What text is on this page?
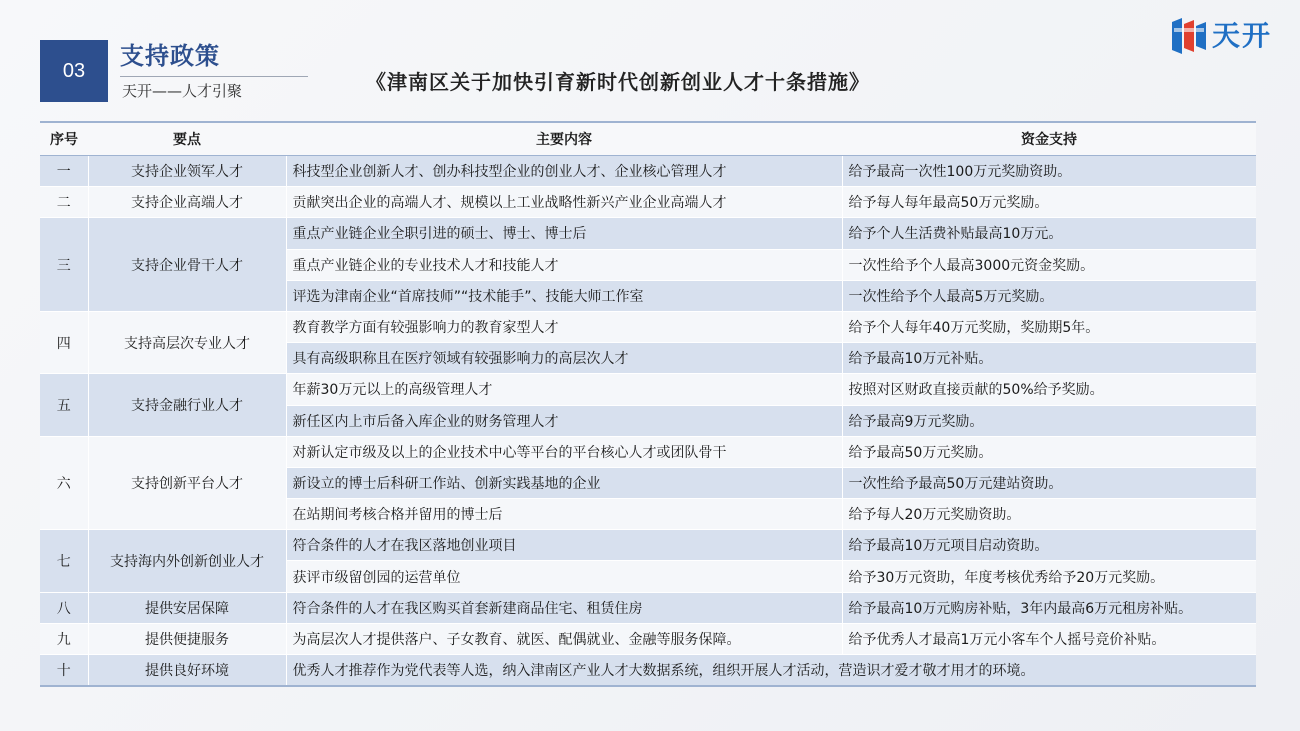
03
支持政策
天开——人才引聚	《津南区关于加快引育新时代创新创业人才十条措施》
天开
序号	要点	主要内容	资金支持
一	支持企业领军人才	科技型企业创新人才、创办科技型企业的创业人才、企业核心管理人才	给予最高一次性100万元奖励资助。
二	支持企业高端人才	贡献突出企业的高端人才、规模以上工业战略性新兴产业企业高端人才	给予每人每年最高50万元奖励。
三	支持企业骨干人才	重点产业链企业全职引进的硕士、博士、博士后	给予个人生活费补贴最高10万元。
		重点产业链企业的专业技术人才和技能人才	一次性给予个人最高3000元资金奖励。
		评选为津南企业“首席技师”“技术能手”、技能大师工作室	一次性给予个人最高5万元奖励。
四	支持高层次专业人才	教育教学方面有较强影响力的教育家型人才	给予个人每年40万元奖励，奖励期5年。
		具有高级职称且在医疗领域有较强影响力的高层次人才	给予最高10万元补贴。
五	支持金融行业人才	年薪30万元以上的高级管理人才	按照对区财政直接贡献的50%给予奖励。
		新任区内上市后备入库企业的财务管理人才	给予最高9万元奖励。
六	支持创新平台人才	对新认定市级及以上的企业技术中心等平台的平台核心人才或团队骨干	给予最高50万元奖励。
		新设立的博士后科研工作站、创新实践基地的企业	一次性给予最高50万元建站资助。
		在站期间考核合格并留用的博士后	给予每人20万元奖励资助。
七	支持海内外创新创业人才	符合条件的人才在我区落地创业项目	给予最高10万元项目启动资助。
		获评市级留创园的运营单位	给予30万元资助，年度考核优秀给予20万元奖励。
八	提供安居保障	符合条件的人才在我区购买首套新建商品住宅、租赁住房	给予最高10万元购房补贴，3年内最高6万元租房补贴。
九	提供便捷服务	为高层次人才提供落户、子女教育、就医、配偶就业、金融等服务保障。	给予优秀人才最高1万元小客车个人摇号竞价补贴。
十	提供良好环境	优秀人才推荐作为党代表等人选，纳入津南区产业人才大数据系统，组织开展人才活动，营造识才爱才敬才用才的环境。	
